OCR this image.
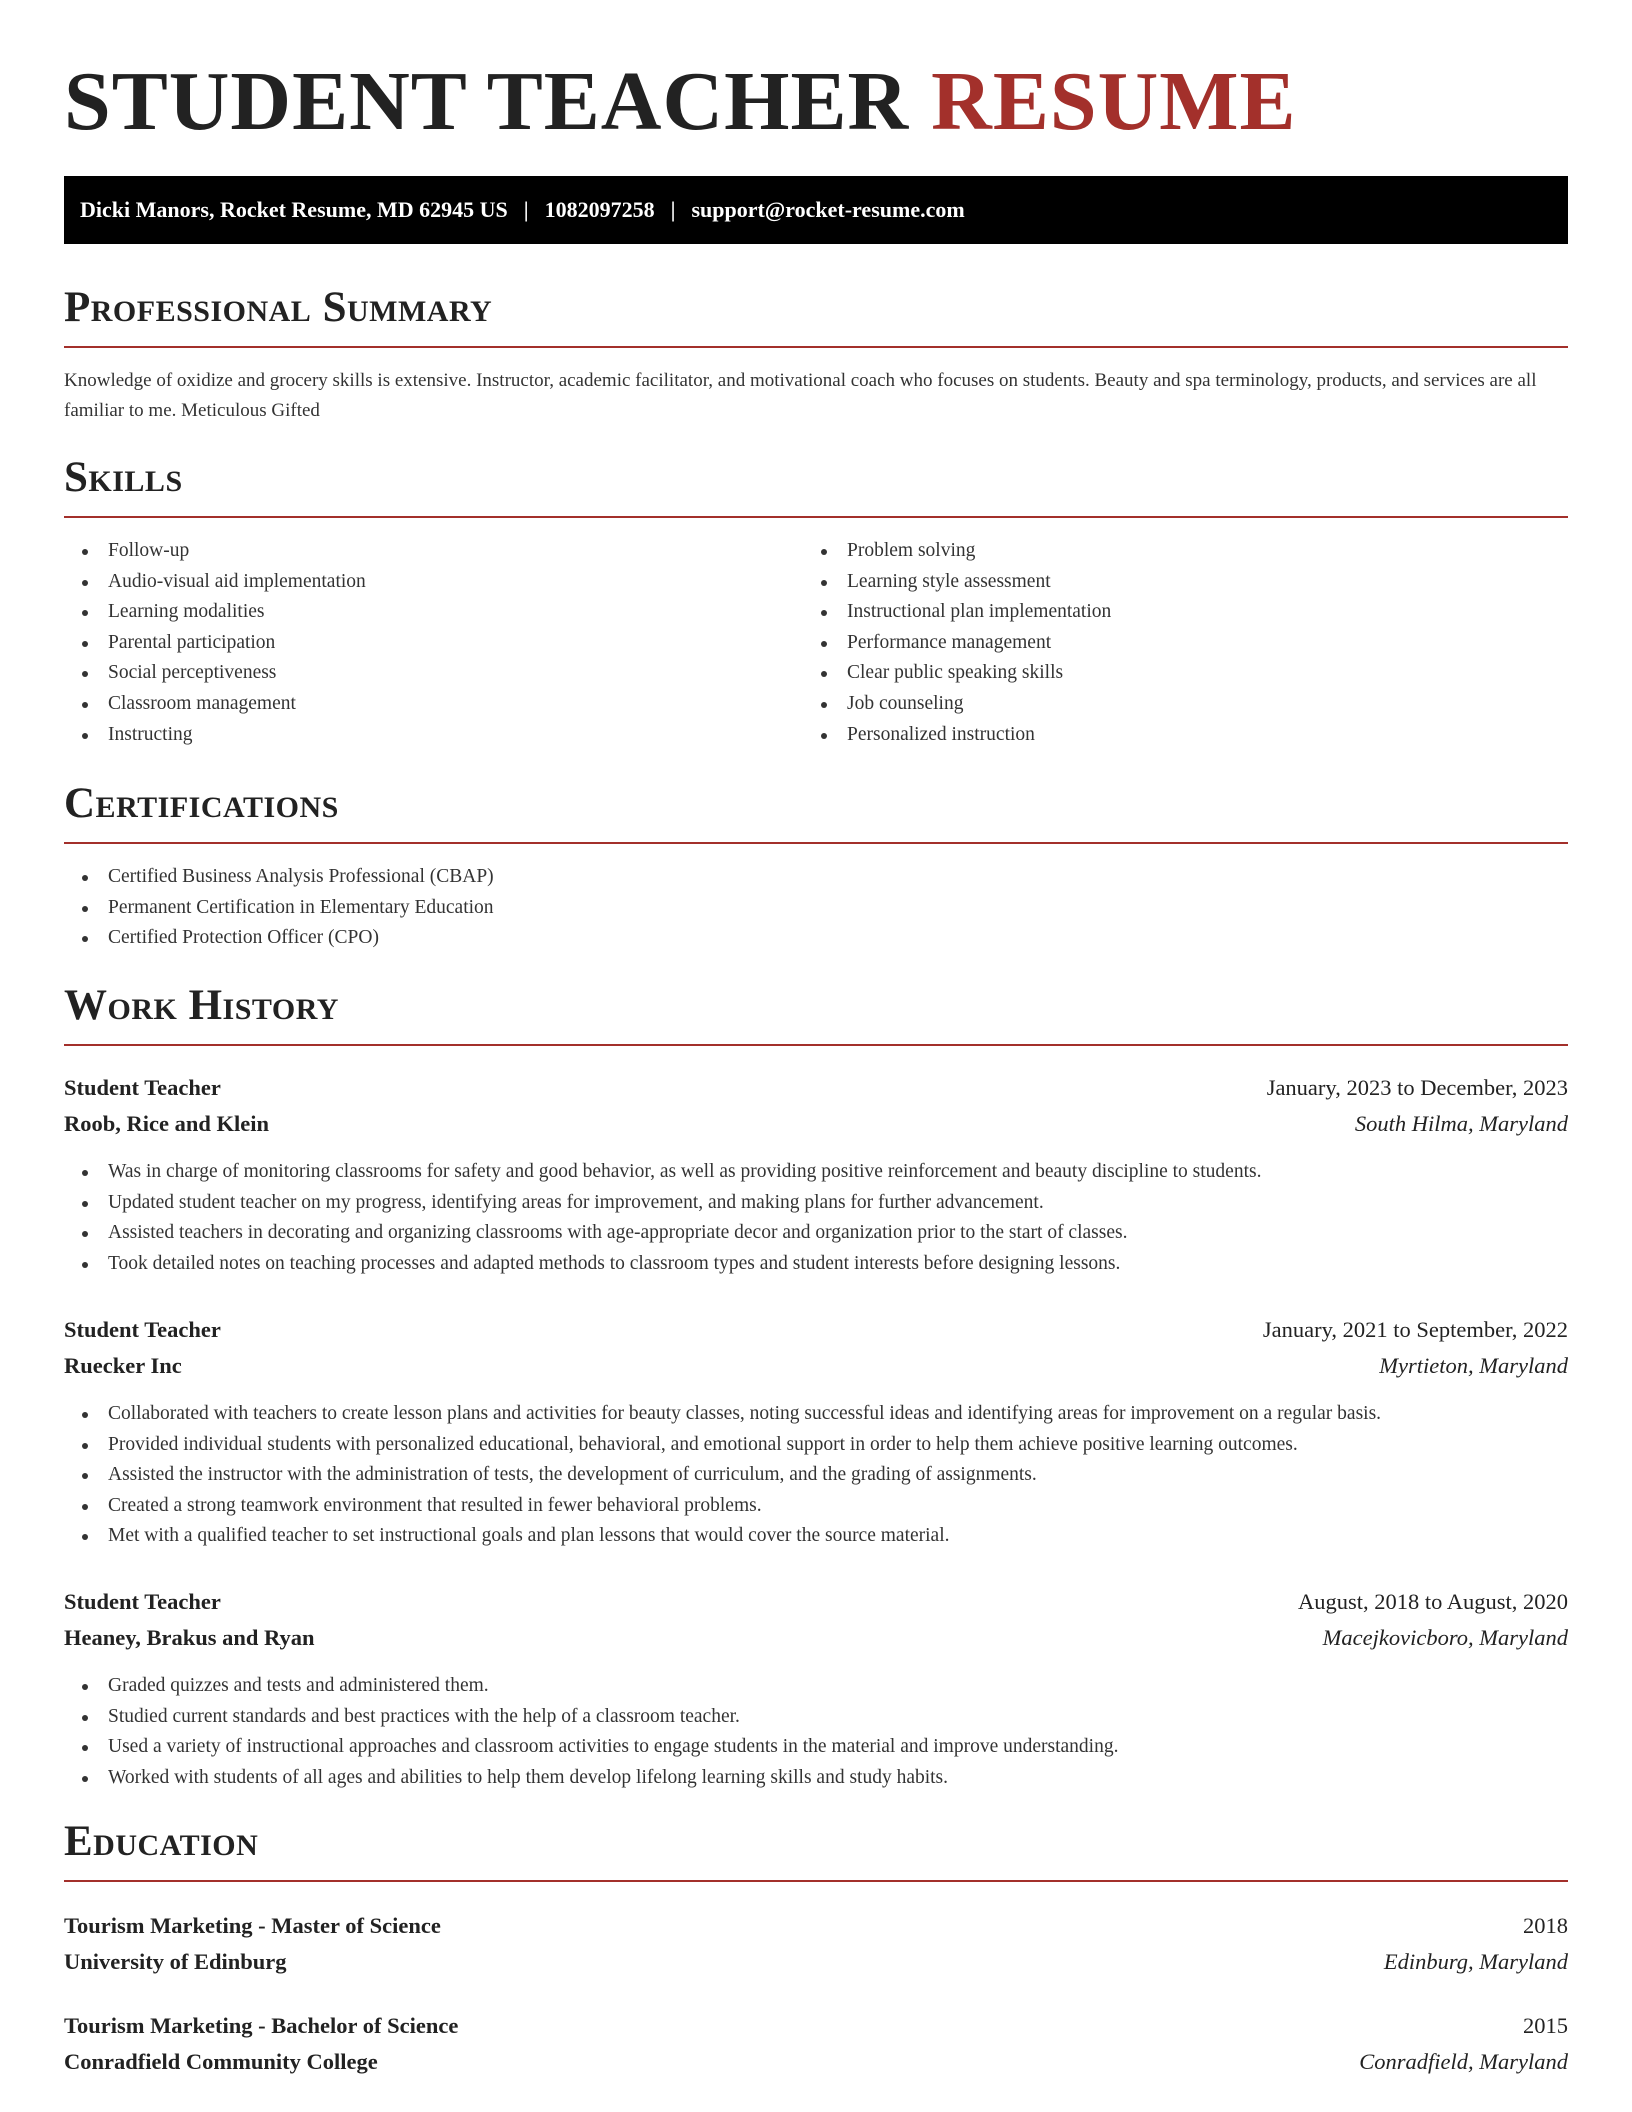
STUDENT TEACHER RESUME
Dicki Manors, Rocket Resume, MD 62945 US | 1082097258 | support@rocket-resume.com
Professional Summary

Knowledge of oxidize and grocery skills is extensive. Instructor, academic facilitator, and motivational coach who focuses on students. Beauty and spa terminology, products, and services are all familiar to me. Meticulous Gifted

Skills
Follow-up
Audio-visual aid implementation
Learning modalities
Parental participation
Social perceptiveness
Classroom management
Instructing
Problem solving
Learning style assessment
Instructional plan implementation
Performance management
Clear public speaking skills
Job counseling
Personalized instruction
Certifications
Certified Business Analysis Professional (CBAP)
Permanent Certification in Elementary Education
Certified Protection Officer (CPO)
Work History
Student Teacher	January, 2023 to December, 2023
Roob, Rice and Klein	South Hilma, Maryland
Was in charge of monitoring classrooms for safety and good behavior, as well as providing positive reinforcement and beauty discipline to students.
Updated student teacher on my progress, identifying areas for improvement, and making plans for further advancement.
Assisted teachers in decorating and organizing classrooms with age-appropriate decor and organization prior to the start of classes.
Took detailed notes on teaching processes and adapted methods to classroom types and student interests before designing lessons.
Student Teacher	January, 2021 to September, 2022
Ruecker Inc	Myrtieton, Maryland
Collaborated with teachers to create lesson plans and activities for beauty classes, noting successful ideas and identifying areas for improvement on a regular basis.
Provided individual students with personalized educational, behavioral, and emotional support in order to help them achieve positive learning outcomes.
Assisted the instructor with the administration of tests, the development of curriculum, and the grading of assignments.
Created a strong teamwork environment that resulted in fewer behavioral problems.
Met with a qualified teacher to set instructional goals and plan lessons that would cover the source material.
Student Teacher	August, 2018 to August, 2020
Heaney, Brakus and Ryan	Macejkovicboro, Maryland
Graded quizzes and tests and administered them.
Studied current standards and best practices with the help of a classroom teacher.
Used a variety of instructional approaches and classroom activities to engage students in the material and improve understanding.
Worked with students of all ages and abilities to help them develop lifelong learning skills and study habits.
Education
Tourism Marketing - Master of Science	2018
University of Edinburg	Edinburg, Maryland
Tourism Marketing - Bachelor of Science	2015
Conradfield Community College	Conradfield, Maryland
